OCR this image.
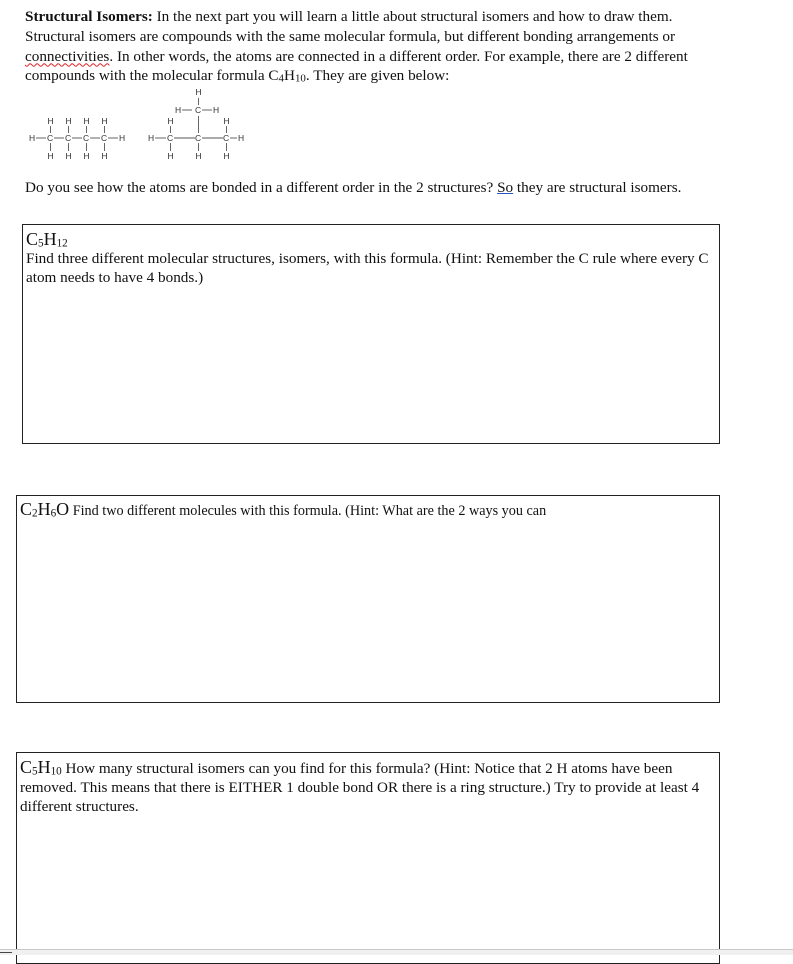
Structural Isomers: In the next part you will learn a little about structural isomers and how to draw them. Structural isomers are compounds with the same molecular formula, but different bonding arrangements or connectivities. In other words, the atoms are connected in a different order. For example, there are 2 different compounds with the molecular formula $C_4H_{10}$. They are given below:

H C C C C H
H H H H
H H H H
H C	C	C H
H C H
H
H	H
H	H	H

Do you see how the atoms are bonded in a different order in the 2 structures? So they are structural isomers.

$C_5H_{12}$
Find three different molecular structures, isomers, with this formula. (Hint: Remember the C rule where every C atom needs to have 4 bonds.)
$C_2H_6O$ Find two different molecules with this formula. (Hint: What are the 2 ways you can
$C_5H_{10}$ How many structural isomers can you find for this formula? (Hint: Notice that 2 H atoms have been removed. This means that there is EITHER 1 double bond OR there is a ring structure.) Try to provide at least 4 different structures.
